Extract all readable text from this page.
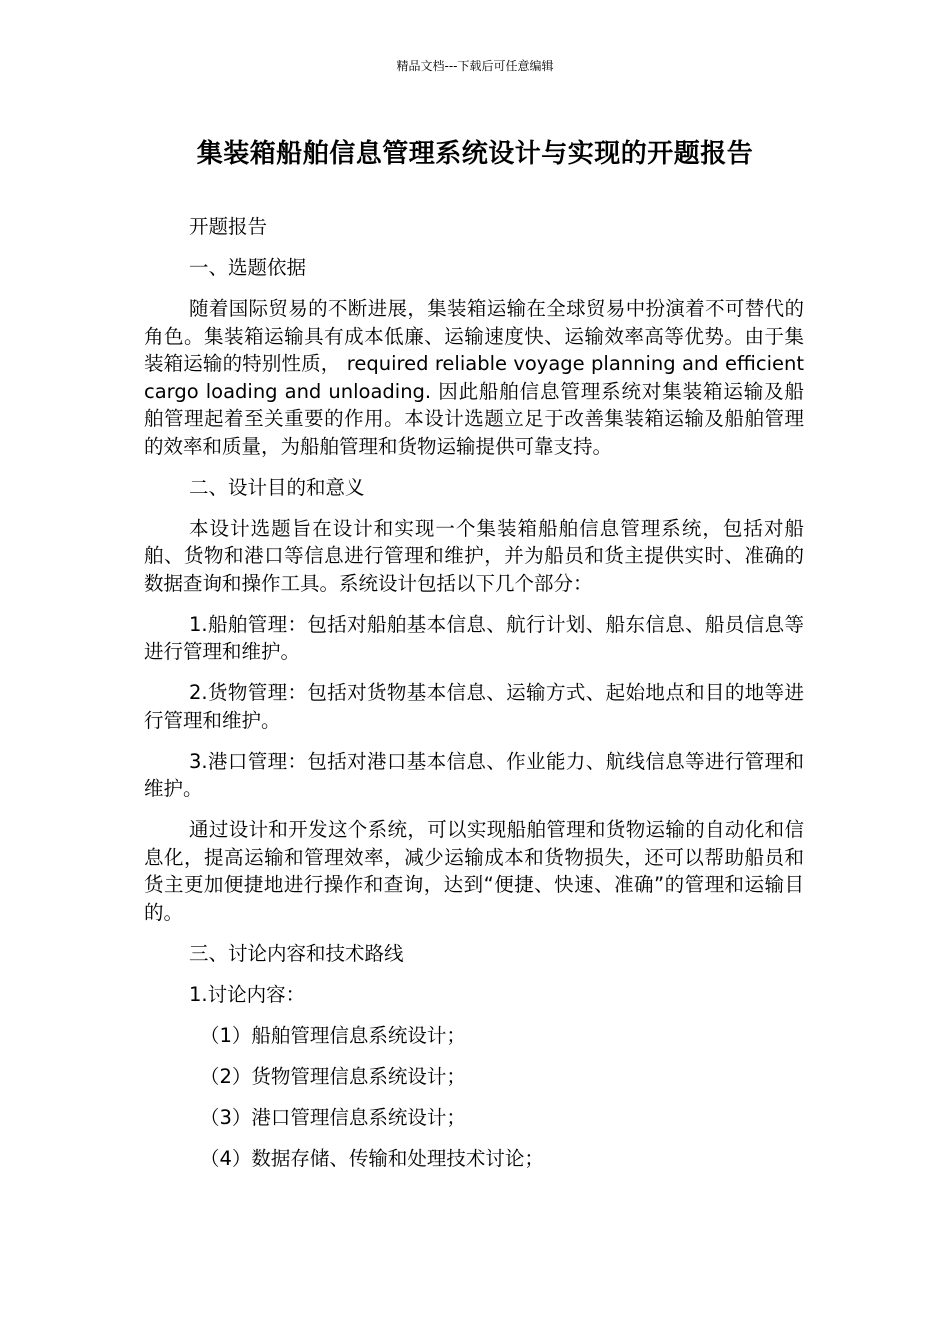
精品文档---下载后可任意编辑
集装箱船舶信息管理系统设计与实现的开题报告

开题报告

一、选题依据

随着国际贸易的不断进展，集装箱运输在全球贸易中扮演着不可替代的角色。集装箱运输具有成本低廉、运输速度快、运输效率高等优势。由于集装箱运输的特别性质， required reliable voyage planning and efficient cargo loading and unloading. 因此船舶信息管理系统对集装箱运输及船舶管理起着至关重要的作用。本设计选题立足于改善集装箱运输及船舶管理的效率和质量，为船舶管理和货物运输提供可靠支持。

二、设计目的和意义

本设计选题旨在设计和实现一个集装箱船舶信息管理系统，包括对船舶、货物和港口等信息进行管理和维护，并为船员和货主提供实时、准确的数据查询和操作工具。系统设计包括以下几个部分：

1.船舶管理：包括对船舶基本信息、航行计划、船东信息、船员信息等进行管理和维护。

2.货物管理：包括对货物基本信息、运输方式、起始地点和目的地等进行管理和维护。

3.港口管理：包括对港口基本信息、作业能力、航线信息等进行管理和维护。

通过设计和开发这个系统，可以实现船舶管理和货物运输的自动化和信息化，提高运输和管理效率，减少运输成本和货物损失，还可以帮助船员和货主更加便捷地进行操作和查询，达到“便捷、快速、准确”的管理和运输目的。

三、讨论内容和技术路线

1.讨论内容：

（1）船舶管理信息系统设计；

（2）货物管理信息系统设计；

（3）港口管理信息系统设计；

（4）数据存储、传输和处理技术讨论；
